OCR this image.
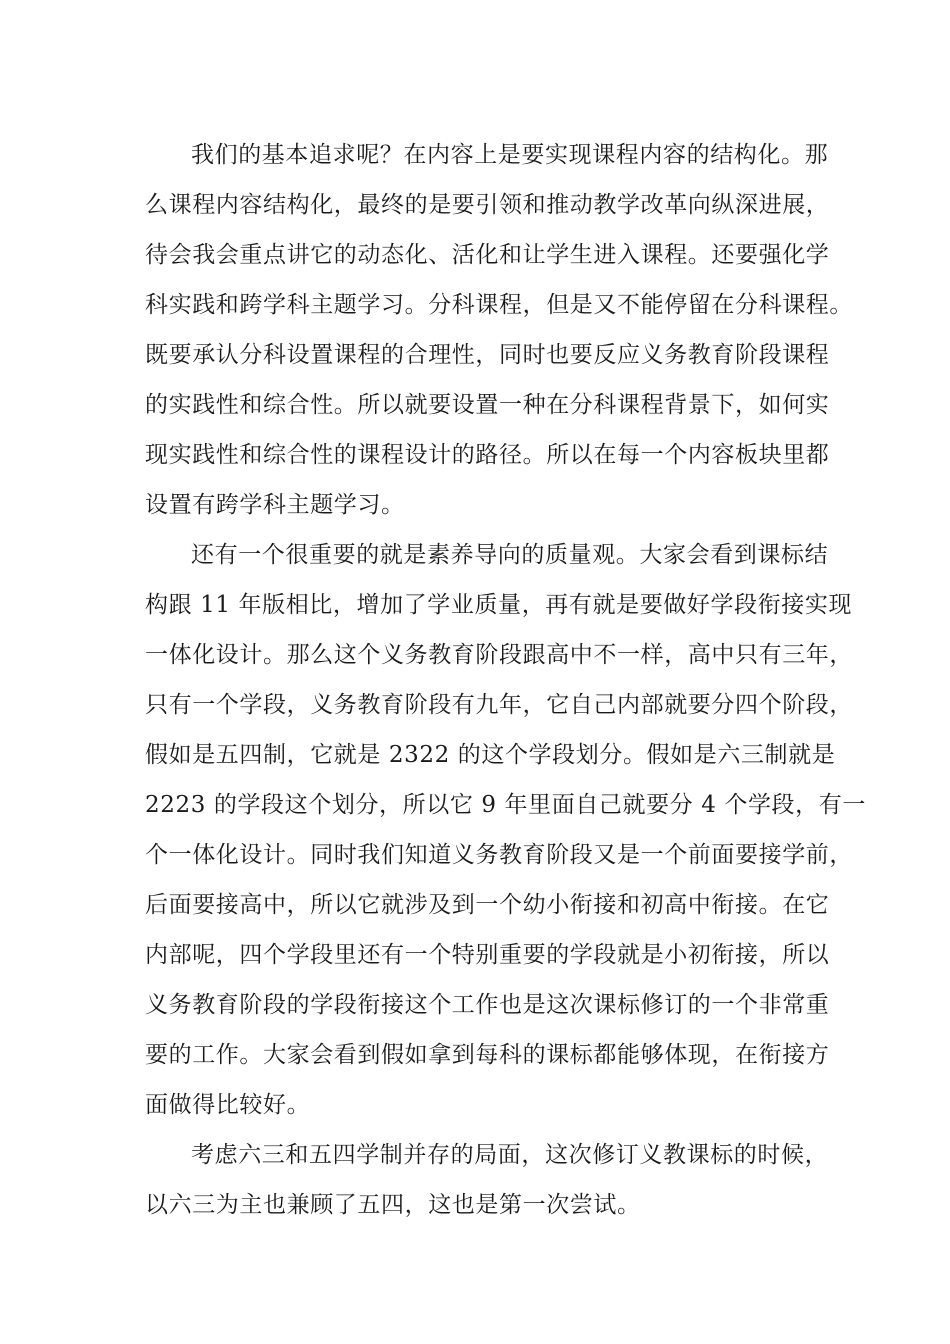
我们的基本追求呢？在内容上是要实现课程内容的结构化。那
么课程内容结构化，最终的是要引领和推动教学改革向纵深进展，
待会我会重点讲它的动态化、活化和让学生进入课程。还要强化学
科实践和跨学科主题学习。分科课程，但是又不能停留在分科课程。
既要承认分科设置课程的合理性，同时也要反应义务教育阶段课程
的实践性和综合性。所以就要设置一种在分科课程背景下，如何实
现实践性和综合性的课程设计的路径。所以在每一个内容板块里都
设置有跨学科主题学习。
还有一个很重要的就是素养导向的质量观。大家会看到课标结
构跟 11 年版相比，增加了学业质量，再有就是要做好学段衔接实现
一体化设计。那么这个义务教育阶段跟高中不一样，高中只有三年，
只有一个学段，义务教育阶段有九年，它自己内部就要分四个阶段，
假如是五四制，它就是 2322 的这个学段划分。假如是六三制就是
2223 的学段这个划分，所以它 9 年里面自己就要分 4 个学段，有一
个一体化设计。同时我们知道义务教育阶段又是一个前面要接学前，
后面要接高中，所以它就涉及到一个幼小衔接和初高中衔接。在它
内部呢，四个学段里还有一个特别重要的学段就是小初衔接，所以
义务教育阶段的学段衔接这个工作也是这次课标修订的一个非常重
要的工作。大家会看到假如拿到每科的课标都能够体现，在衔接方
面做得比较好。
考虑六三和五四学制并存的局面，这次修订义教课标的时候，
以六三为主也兼顾了五四，这也是第一次尝试。
